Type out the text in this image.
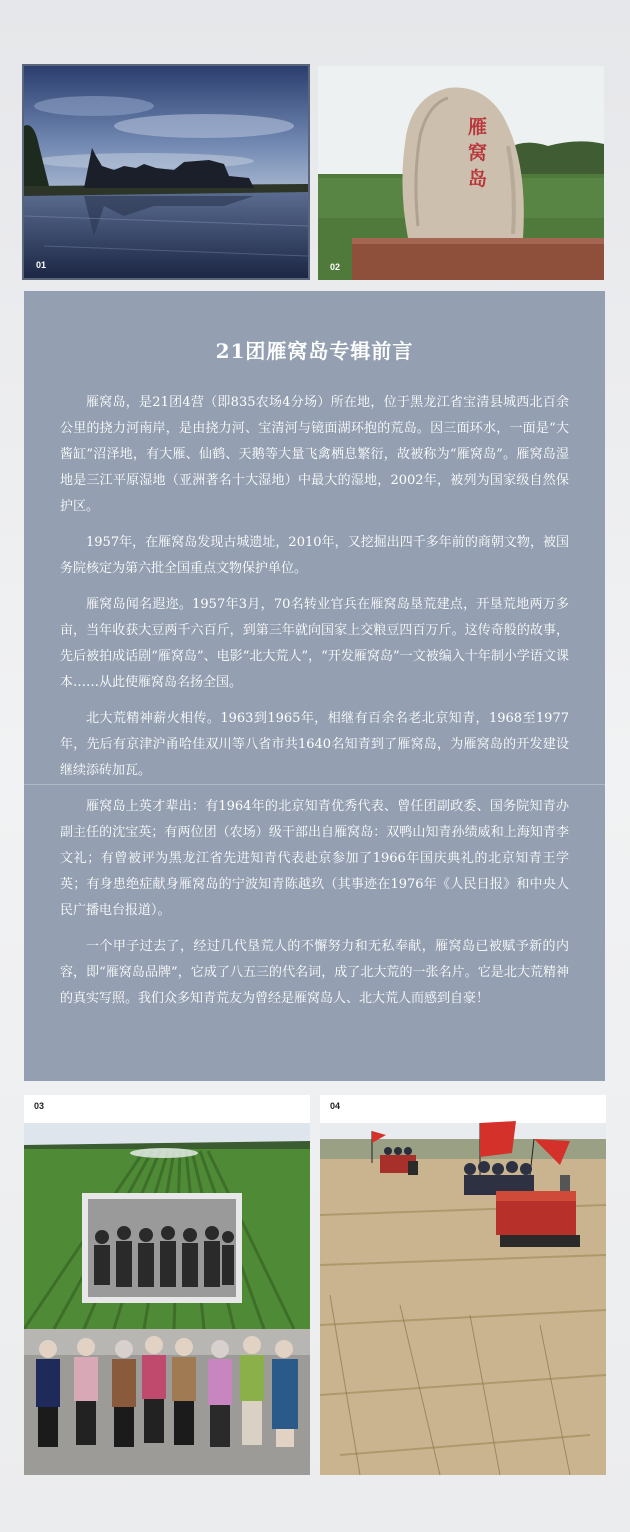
01
雁窝岛
02
21团雁窝岛专辑前言

雁窝岛，是21团4营（即835农场4分场）所在地，位于黑龙江省宝清县城西北百余公里的挠力河南岸，是由挠力河、宝清河与镜面湖环抱的荒岛。因三面环水，一面是“大酱缸”沼泽地，有大雁、仙鹤、天鹅等大量飞禽栖息繁衍，故被称为“雁窝岛”。雁窝岛湿地是三江平原湿地（亚洲著名十大湿地）中最大的湿地，2002年，被列为国家级自然保护区。

1957年，在雁窝岛发现古城遗址，2010年，又挖掘出四千多年前的商朝文物，被国务院核定为第六批全国重点文物保护单位。

雁窝岛闻名遐迩。1957年3月，70名转业官兵在雁窝岛垦荒建点，开垦荒地两万多亩，当年收获大豆两千六百斤，到第三年就向国家上交粮豆四百万斤。这传奇般的故事，先后被拍成话剧“雁窝岛”、电影“北大荒人”，“开发雁窝岛”一文被编入十年制小学语文课本……从此使雁窝岛名扬全国。

北大荒精神薪火相传。1963到1965年，相继有百余名老北京知青，1968至1977年，先后有京津沪甬哈佳双川等八省市共1640名知青到了雁窝岛，为雁窝岛的开发建设继续添砖加瓦。

雁窝岛上英才辈出：有1964年的北京知青优秀代表、曾任团副政委、国务院知青办副主任的沈宝英；有两位团（农场）级干部出自雁窝岛：双鸭山知青孙绩威和上海知青李文礼；有曾被评为黑龙江省先进知青代表赴京参加了1966年国庆典礼的北京知青王学英；有身患绝症献身雁窝岛的宁波知青陈越玖（其事迹在1976年《人民日报》和中央人民广播电台报道）。

一个甲子过去了，经过几代垦荒人的不懈努力和无私奉献，雁窝岛已被赋予新的内容，即“雁窝岛品牌”，它成了八五三的代名词，成了北大荒的一张名片。它是北大荒精神的真实写照。我们众多知青荒友为曾经是雁窝岛人、北大荒人而感到自豪！

03	04
